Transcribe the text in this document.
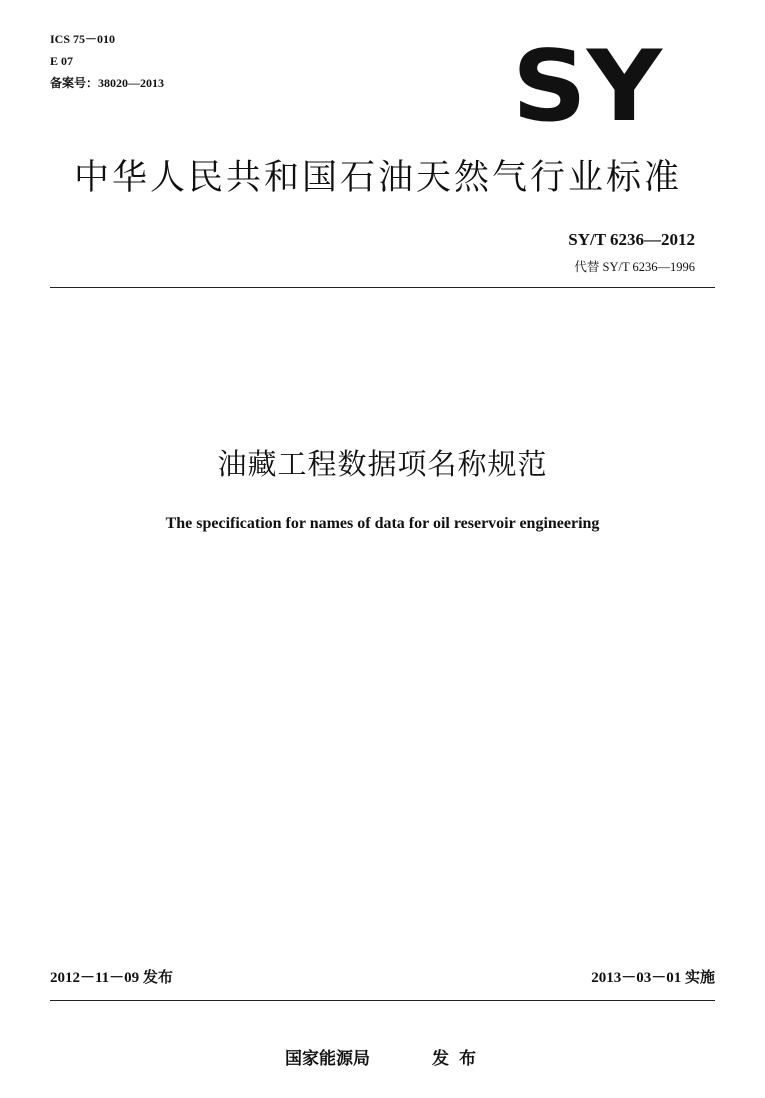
ICS 75－010
E 07
备案号：38020—2013	SY
中华人民共和国石油天然气行业标准
SY/T 6236—2012
代替 SY/T 6236—1996
油藏工程数据项名称规范
The specification for names of data for oil reservoir engineering
2012－11－09 发布	2013－03－01 实施
国家能源局	发布
